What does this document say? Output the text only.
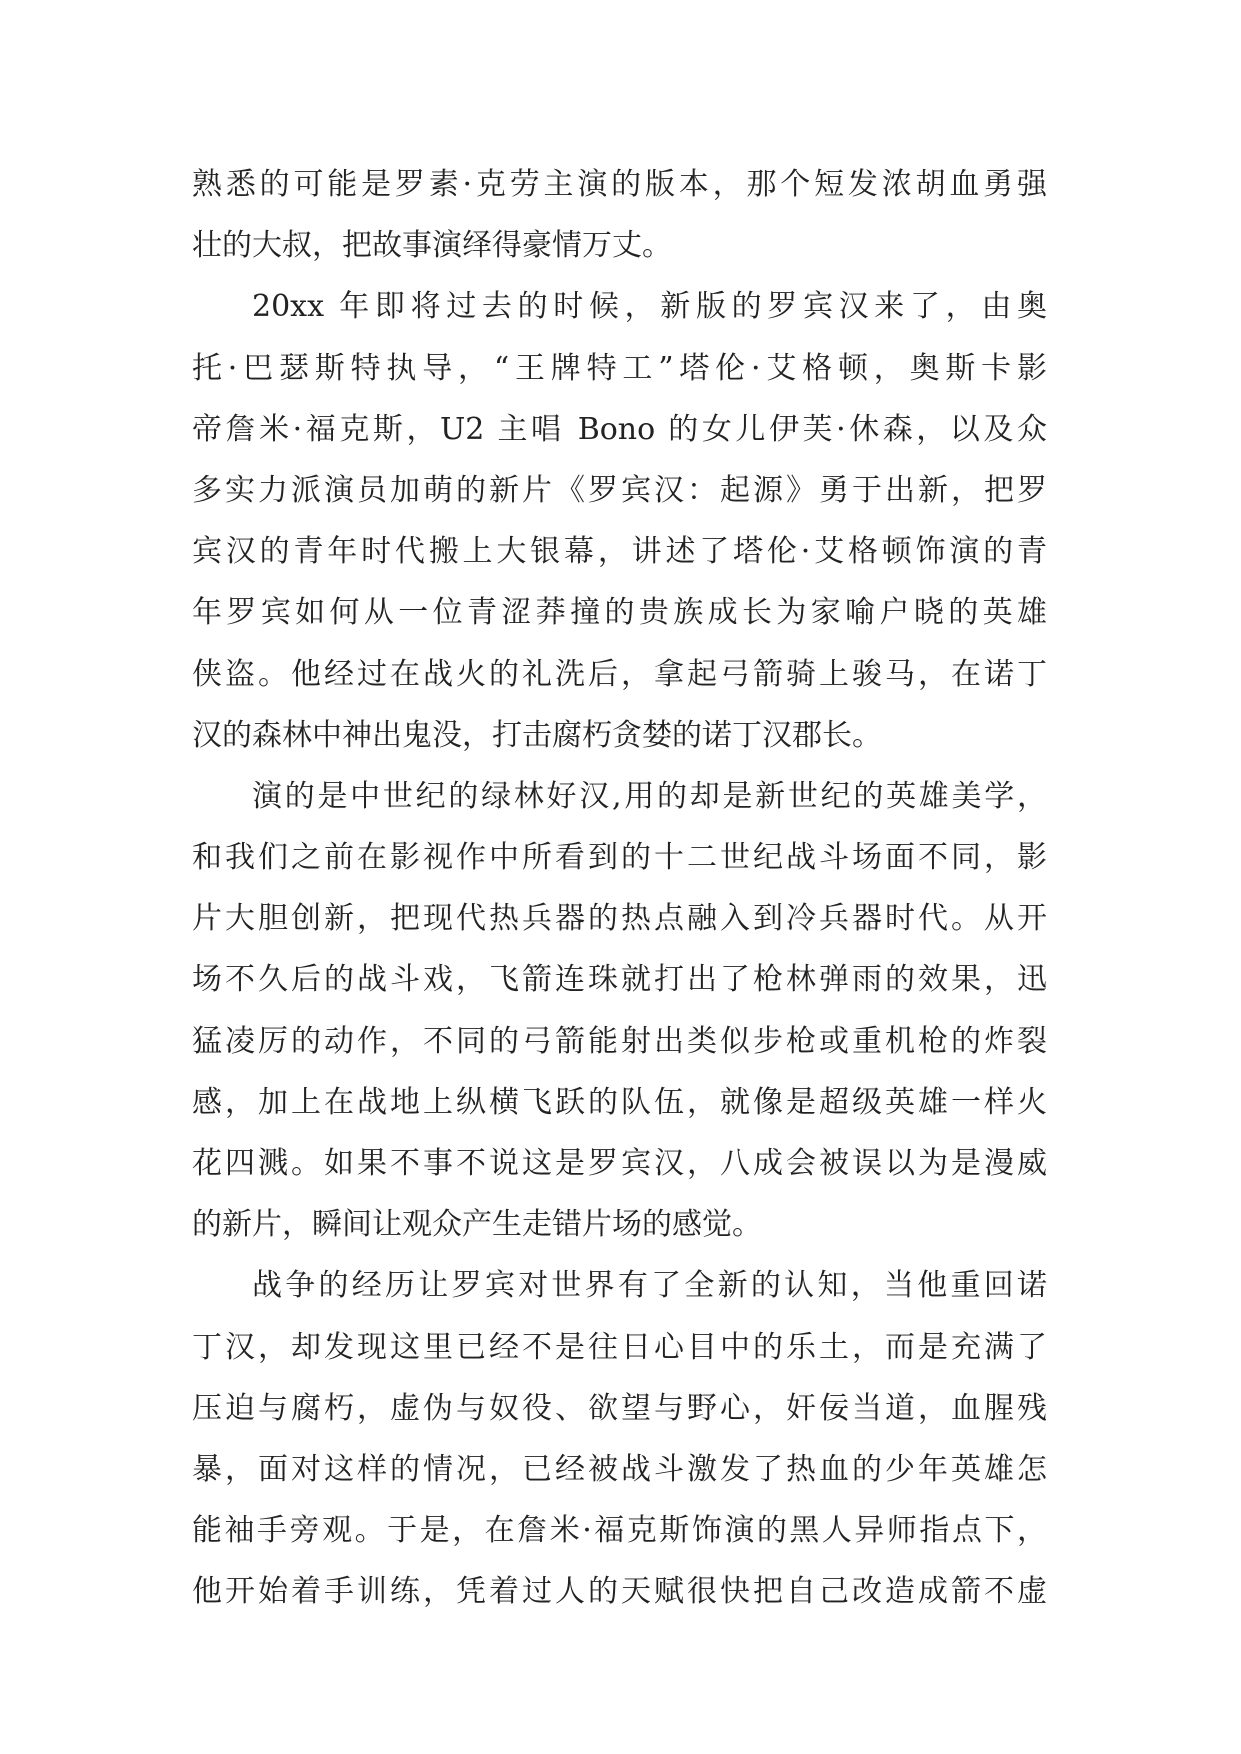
熟悉的可能是罗素·克劳主演的版本，那个短发浓胡血勇强
壮的大叔，把故事演绎得豪情万丈。
20xx 年即将过去的时候，新版的罗宾汉来了，由奥
托·巴瑟斯特执导，“王牌特工”塔伦·艾格顿，奥斯卡影
帝詹米·福克斯，U2 主唱 Bono 的女儿伊芙·休森，以及众
多实力派演员加萌的新片《罗宾汉：起源》勇于出新，把罗
宾汉的青年时代搬上大银幕，讲述了塔伦·艾格顿饰演的青
年罗宾如何从一位青涩莽撞的贵族成长为家喻户晓的英雄
侠盗。他经过在战火的礼洗后，拿起弓箭骑上骏马，在诺丁
汉的森林中神出鬼没，打击腐朽贪婪的诺丁汉郡长。
演的是中世纪的绿林好汉,用的却是新世纪的英雄美学，
和我们之前在影视作中所看到的十二世纪战斗场面不同，影
片大胆创新，把现代热兵器的热点融入到冷兵器时代。从开
场不久后的战斗戏，飞箭连珠就打出了枪林弹雨的效果，迅
猛凌厉的动作，不同的弓箭能射出类似步枪或重机枪的炸裂
感，加上在战地上纵横飞跃的队伍，就像是超级英雄一样火
花四溅。如果不事不说这是罗宾汉，八成会被误以为是漫威
的新片，瞬间让观众产生走错片场的感觉。
战争的经历让罗宾对世界有了全新的认知，当他重回诺
丁汉，却发现这里已经不是往日心目中的乐土，而是充满了
压迫与腐朽，虚伪与奴役、欲望与野心，奸佞当道，血腥残
暴，面对这样的情况，已经被战斗激发了热血的少年英雄怎
能袖手旁观。于是，在詹米·福克斯饰演的黑人异师指点下，
他开始着手训练，凭着过人的天赋很快把自己改造成箭不虚
